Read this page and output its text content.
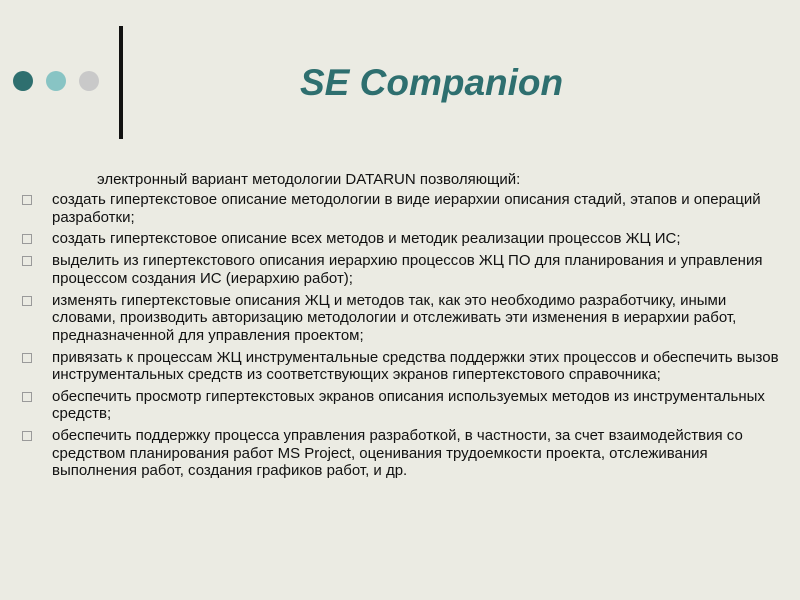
SE Companion
электронный вариант методологии DATARUN позволяющий:
создать гипертекстовое описание методологии в виде иерархии описания стадий, этапов и операций разработки;
создать гипертекстовое описание всех методов и методик реализации процессов ЖЦ ИС;
выделить из гипертекстового описания иерархию процессов ЖЦ ПО для планирования и управления процессом создания ИС (иерархию работ);
изменять гипертекстовые описания ЖЦ и методов так, как это необходимо разработчику, иными словами, производить авторизацию методологии и отслеживать эти изменения в иерархии работ, предназначенной для управления проектом;
привязать к процессам ЖЦ инструментальные средства поддержки этих процессов и обеспечить вызов инструментальных средств из соответствующих экранов гипертекстового справочника;
обеспечить просмотр гипертекстовых экранов описания используемых методов из инструментальных средств;
обеспечить поддержку процесса управления разработкой, в частности, за счет взаимодействия со средством планирования работ MS Project, оценивания трудоемкости проекта, отслеживания выполнения работ, создания графиков работ, и др.
